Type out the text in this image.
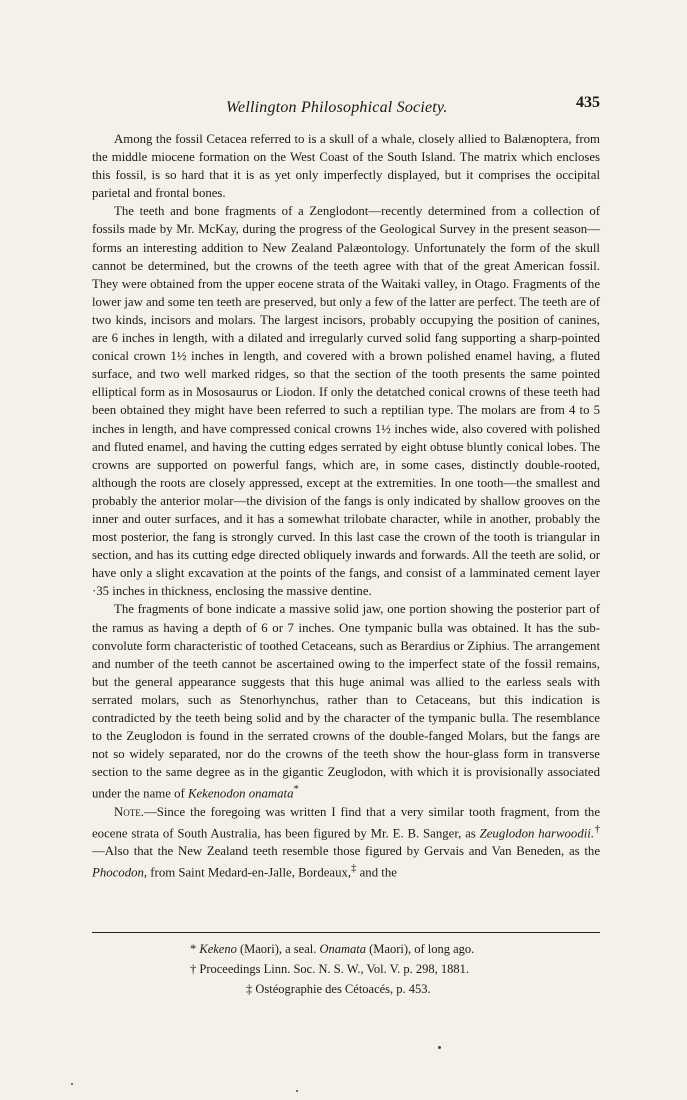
Wellington Philosophical Society.	435

Among the fossil Cetacea referred to is a skull of a whale, closely allied to Balænoptera, from the middle miocene formation on the West Coast of the South Island. The matrix which encloses this fossil, is so hard that it is as yet only imperfectly displayed, but it comprises the occipital parietal and frontal bones.

The teeth and bone fragments of a Zenglodont—recently determined from a collection of fossils made by Mr. McKay, during the progress of the Geological Survey in the present season—forms an interesting addition to New Zealand Palæontology. Unfortunately the form of the skull cannot be determined, but the crowns of the teeth agree with that of the great American fossil. They were obtained from the upper eocene strata of the Waitaki valley, in Otago. Fragments of the lower jaw and some ten teeth are preserved, but only a few of the latter are perfect. The teeth are of two kinds, incisors and molars. The largest incisors, probably occupying the position of canines, are 6 inches in length, with a dilated and irregularly curved solid fang supporting a sharp-pointed conical crown 1½ inches in length, and covered with a brown polished enamel having, a fluted surface, and two well marked ridges, so that the section of the tooth presents the same pointed elliptical form as in Mososaurus or Liodon. If only the detatched conical crowns of these teeth had been obtained they might have been referred to such a reptilian type. The molars are from 4 to 5 inches in length, and have compressed conical crowns 1½ inches wide, also covered with polished and fluted enamel, and having the cutting edges serrated by eight obtuse bluntly conical lobes. The crowns are supported on powerful fangs, which are, in some cases, distinctly double-rooted, although the roots are closely appressed, except at the extremities. In one tooth—the smallest and probably the anterior molar—the division of the fangs is only indicated by shallow grooves on the inner and outer surfaces, and it has a somewhat trilobate character, while in another, probably the most posterior, the fang is strongly curved. In this last case the crown of the tooth is triangular in section, and has its cutting edge directed obliquely inwards and forwards. All the teeth are solid, or have only a slight excavation at the points of the fangs, and consist of a lamminated cement layer ·35 inches in thickness, enclosing the massive dentine.

The fragments of bone indicate a massive solid jaw, one portion showing the posterior part of the ramus as having a depth of 6 or 7 inches. One tympanic bulla was obtained. It has the sub-convolute form characteristic of toothed Cetaceans, such as Berardius or Ziphius. The arrangement and number of the teeth cannot be ascertained owing to the imperfect state of the fossil remains, but the general appearance suggests that this huge animal was allied to the earless seals with serrated molars, such as Stenorhynchus, rather than to Cetaceans, but this indication is contradicted by the teeth being solid and by the character of the tympanic bulla. The resemblance to the Zeuglodon is found in the serrated crowns of the double-fanged Molars, but the fangs are not so widely separated, nor do the crowns of the teeth show the hour-glass form in transverse section to the same degree as in the gigantic Zeuglodon, with which it is provisionally associated under the name of Kekenodon onamata*

Note.—Since the foregoing was written I find that a very similar tooth fragment, from the eocene strata of South Australia, has been figured by Mr. E. B. Sanger, as Zeuglodon harwoodii.†—Also that the New Zealand teeth resemble those figured by Gervais and Van Beneden, as the Phocodon, from Saint Medard-en-Jalle, Bordeaux,‡ and the

* Kekeno (Maori), a seal. Onamata (Maori), of long ago.
† Proceedings Linn. Soc. N. S. W., Vol. V. p. 298, 1881.
‡ Ostéographie des Cétoacés, p. 453.
